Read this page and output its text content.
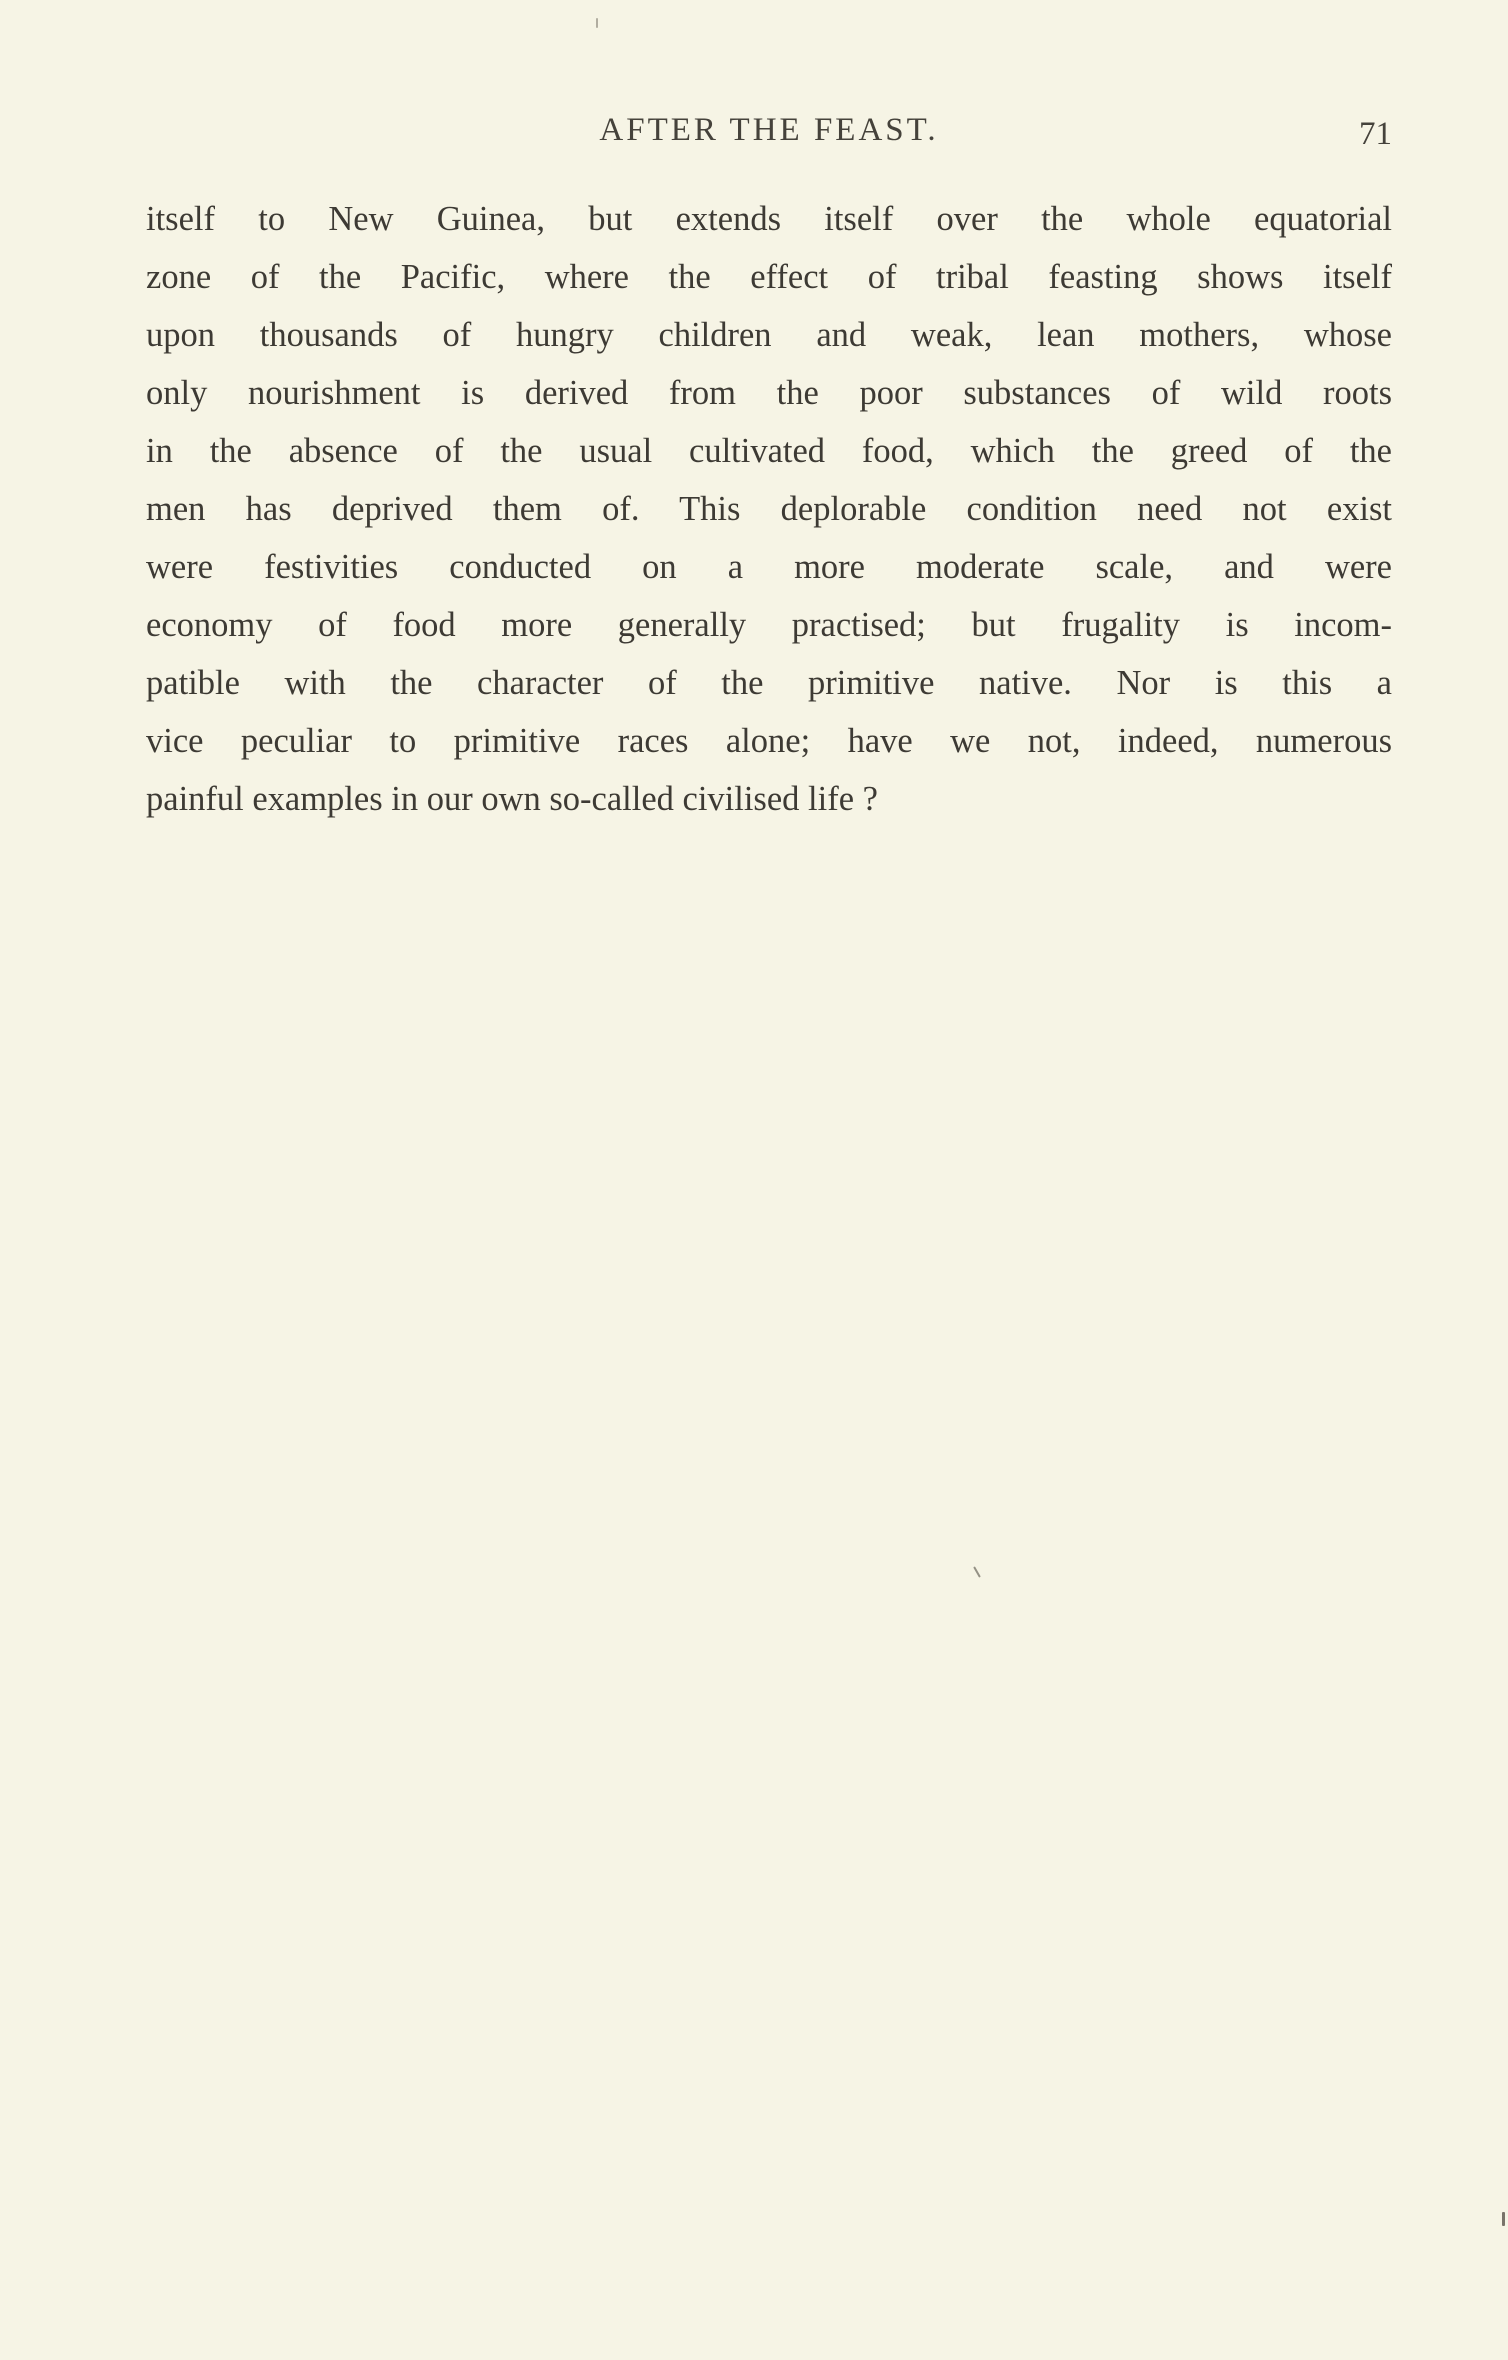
AFTER THE FEAST.	71
itself to New Guinea, but extends itself over the whole equatorial
zone of the Pacific, where the effect of tribal feasting shows itself
upon thousands of hungry children and weak, lean mothers, whose
only nourishment is derived from the poor substances of wild roots
in the absence of the usual cultivated food, which the greed of the
men has deprived them of. This deplorable condition need not exist
were festivities conducted on a more moderate scale, and were
economy of food more generally practised; but frugality is incom-
patible with the character of the primitive native. Nor is this a
vice peculiar to primitive races alone; have we not, indeed, numerous
painful examples in our own so-called civilised life ?
